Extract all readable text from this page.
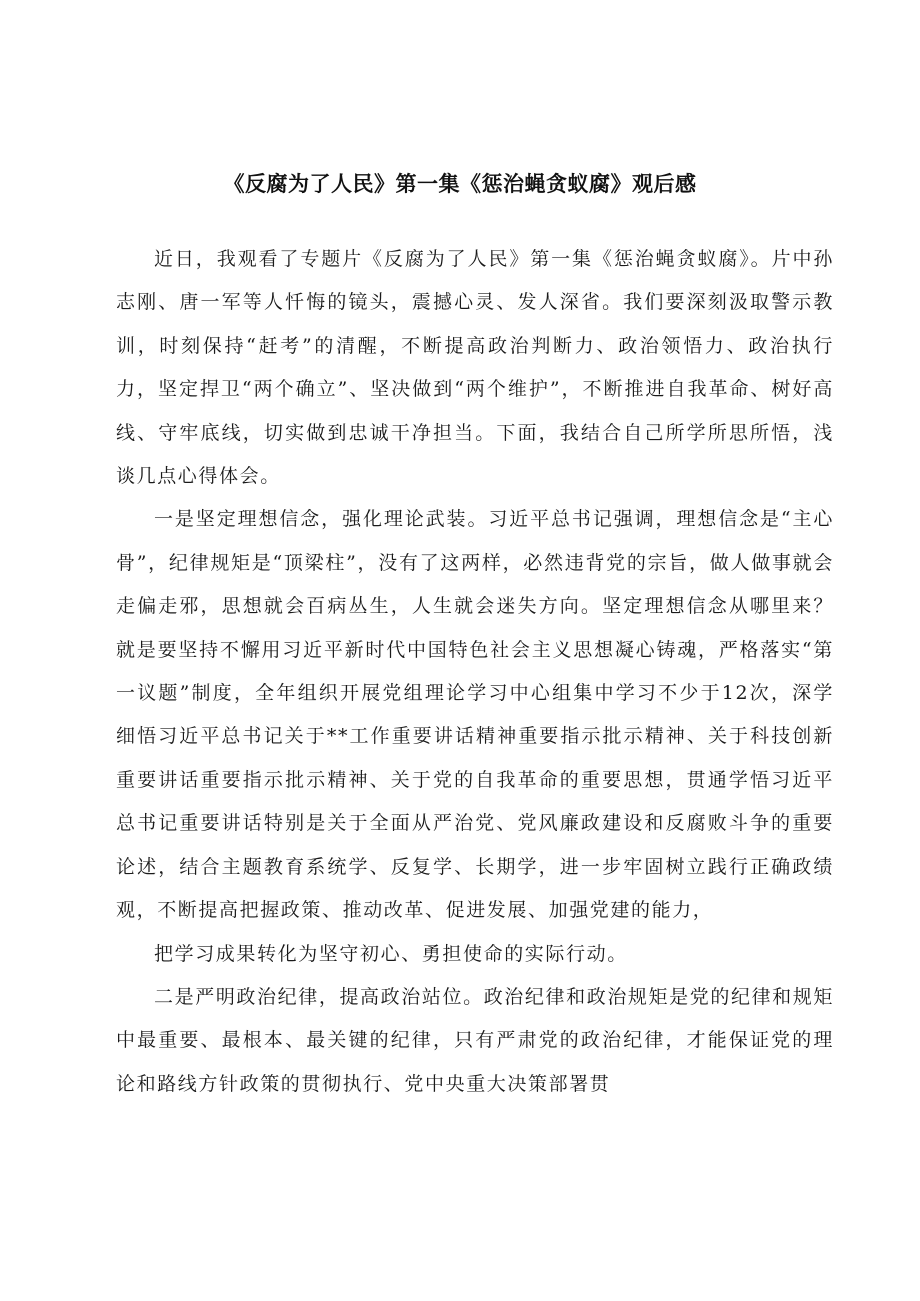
《反腐为了人民》第一集《惩治蝇贪蚁腐》观后感

近日，我观看了专题片《反腐为了人民》第一集《惩治蝇贪蚁腐》。片中孙志刚、唐一军等人忏悔的镜头，震撼心灵、发人深省。我们要深刻汲取警示教训，时刻保持“赶考”的清醒，不断提高政治判断力、政治领悟力、政治执行力，坚定捍卫“两个确立”、坚决做到“两个维护”，不断推进自我革命、树好高线、守牢底线，切实做到忠诚干净担当。下面，我结合自己所学所思所悟，浅谈几点心得体会。

一是坚定理想信念，强化理论武装。习近平总书记强调，理想信念是“主心骨”，纪律规矩是“顶梁柱”，没有了这两样，必然违背党的宗旨，做人做事就会走偏走邪，思想就会百病丛生，人生就会迷失方向。坚定理想信念从哪里来？就是要坚持不懈用习近平新时代中国特色社会主义思想凝心铸魂，严格落实“第一议题”制度，全年组织开展党组理论学习中心组集中学习不少于12次，深学细悟习近平总书记关于**工作重要讲话精神重要指示批示精神、关于科技创新重要讲话重要指示批示精神、关于党的自我革命的重要思想，贯通学悟习近平总书记重要讲话特别是关于全面从严治党、党风廉政建设和反腐败斗争的重要论述，结合主题教育系统学、反复学、长期学，进一步牢固树立践行正确政绩观，不断提高把握政策、推动改革、促进发展、加强党建的能力，

把学习成果转化为坚守初心、勇担使命的实际行动。

二是严明政治纪律，提高政治站位。政治纪律和政治规矩是党的纪律和规矩中最重要、最根本、最关键的纪律，只有严肃党的政治纪律，才能保证党的理论和路线方针政策的贯彻执行、党中央重大决策部署贯
